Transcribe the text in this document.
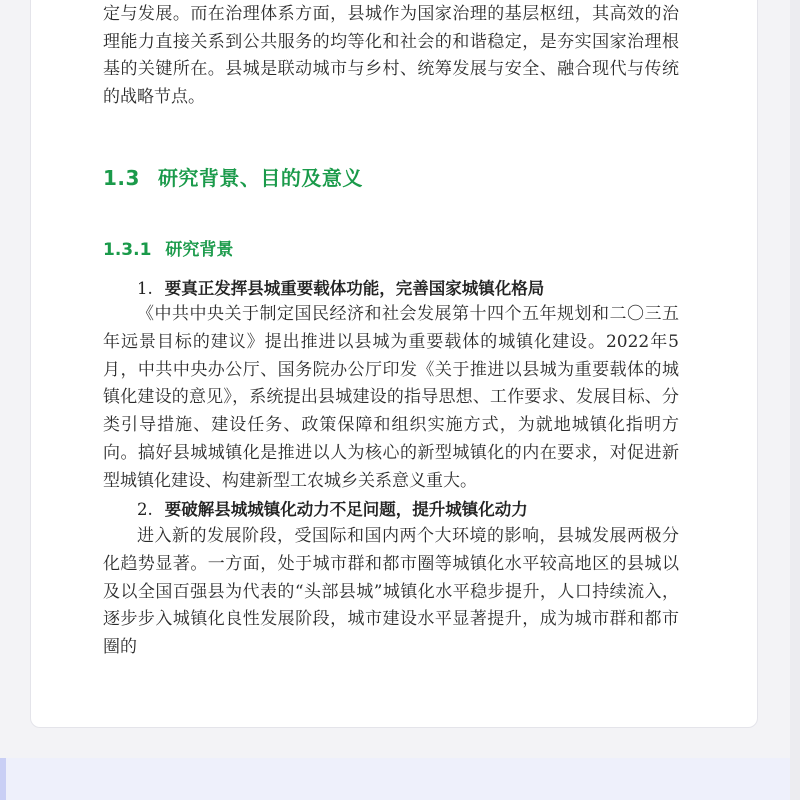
定与发展。而在治理体系方面，县城作为国家治理的基层枢纽，其高效的治理能力直接关系到公共服务的均等化和社会的和谐稳定，是夯实国家治理根基的关键所在。县城是联动城市与乡村、统筹发展与安全、融合现代与传统的战略节点。

1.3 研究背景、目的及意义
1.3.1 研究背景
1. 要真正发挥县城重要载体功能，完善国家城镇化格局

《中共中央关于制定国民经济和社会发展第十四个五年规划和二〇三五年远景目标的建议》提出推进以县城为重要载体的城镇化建设。2022年5月，中共中央办公厅、国务院办公厅印发《关于推进以县城为重要载体的城镇化建设的意见》，系统提出县城建设的指导思想、工作要求、发展目标、分类引导措施、建设任务、政策保障和组织实施方式，为就地城镇化指明方向。搞好县城城镇化是推进以人为核心的新型城镇化的内在要求，对促进新型城镇化建设、构建新型工农城乡关系意义重大。

2. 要破解县城城镇化动力不足问题，提升城镇化动力

进入新的发展阶段，受国际和国内两个大环境的影响，县城发展两极分化趋势显著。一方面，处于城市群和都市圈等城镇化水平较高地区的县城以及以全国百强县为代表的“头部县城”城镇化水平稳步提升，人口持续流入，逐步步入城镇化良性发展阶段，城市建设水平显著提升，成为城市群和都市圈的
